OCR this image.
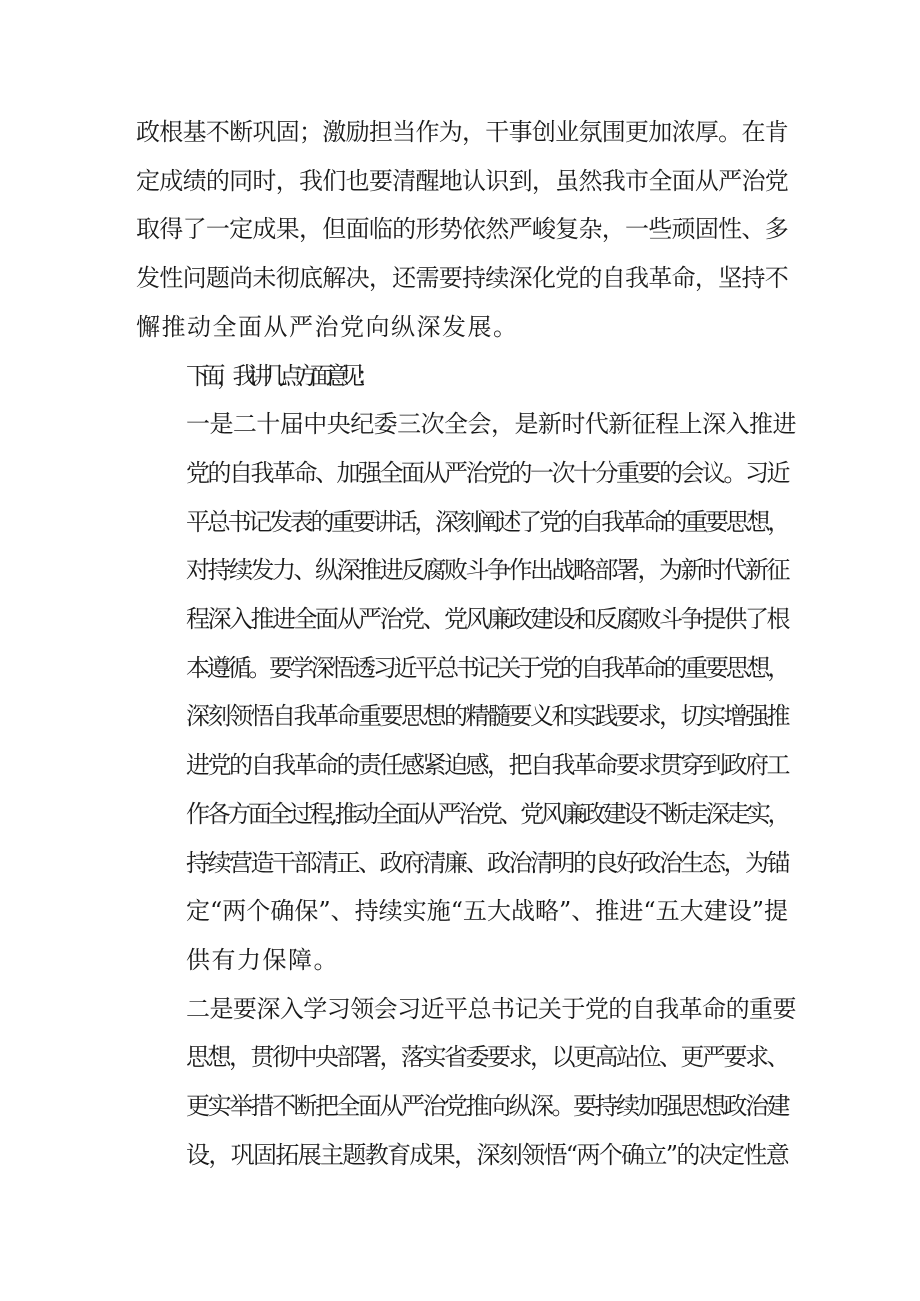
政根基不断巩固；激励担当作为，干事创业氛围更加浓厚。在肯
定成绩的同时，我们也要清醒地认识到，虽然我市全面从严治党
取得了一定成果，但面临的形势依然严峻复杂，一些顽固性、多
发性问题尚未彻底解决，还需要持续深化党的自我革命，坚持不
懈推动全面从严治党向纵深发展。

下面，我讲几点方面意见：

一是二十届中央纪委三次全会，是新时代新征程上深入推进
党的自我革命、加强全面从严治党的一次十分重要的会议。习近
平总书记发表的重要讲话，深刻阐述了党的自我革命的重要思想，
对持续发力、纵深推进反腐败斗争作出战略部署，为新时代新征
程深入推进全面从严治党、党风廉政建设和反腐败斗争提供了根
本遵循。要学深悟透习近平总书记关于党的自我革命的重要思想，
深刻领悟自我革命重要思想的精髓要义和实践要求，切实增强推
进党的自我革命的责任感紧迫感，把自我革命要求贯穿到政府工
作各方面全过程,推动全面从严治党、党风廉政建设不断走深走实，
持续营造干部清正、政府清廉、政治清明的良好政治生态，为锚
定“两个确保”、持续实施“五大战略”、推进“五大建设”提
供有力保障。

二是要深入学习领会习近平总书记关于党的自我革命的重要
思想，贯彻中央部署，落实省委要求，以更高站位、更严要求、
更实举措不断把全面从严治党推向纵深。要持续加强思想政治建
设，巩固拓展主题教育成果，深刻领悟“两个确立”的决定性意
